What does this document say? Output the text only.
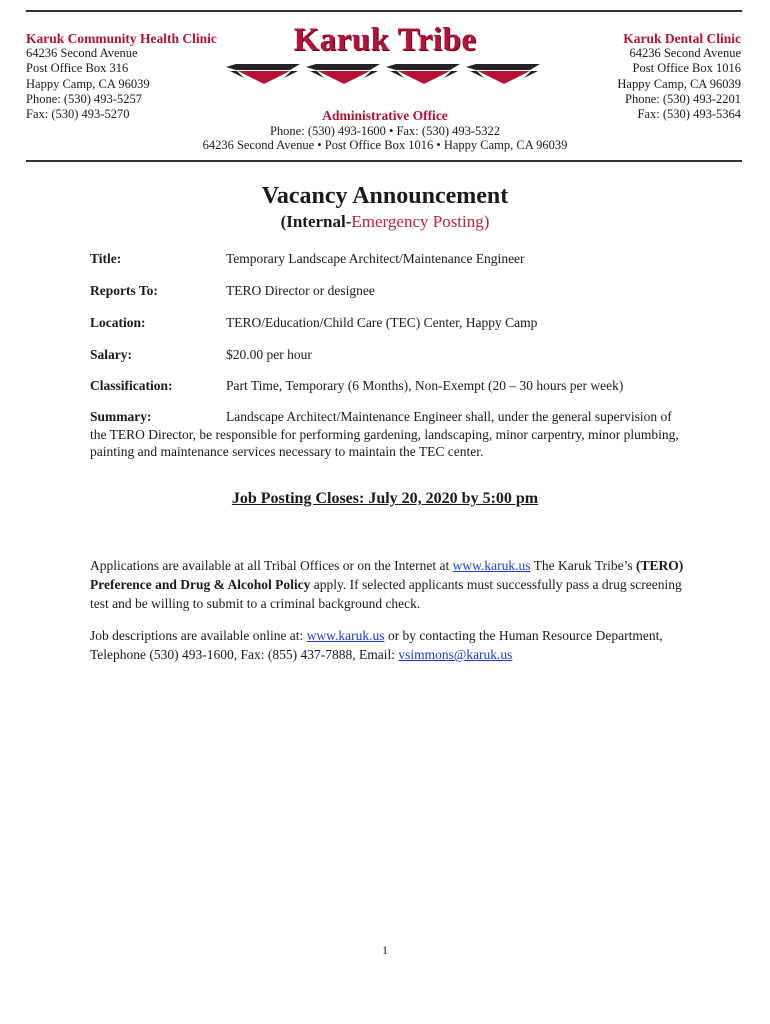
Karuk Community Health Clinic
64236 Second Avenue
Post Office Box 316
Happy Camp, CA 96039
Phone: (530) 493-5257
Fax: (530) 493-5270
Karuk Tribe	Karuk Dental Clinic
64236 Second Avenue
Post Office Box 1016
Happy Camp, CA 96039
Phone: (530) 493-2201
Fax: (530) 493-5364
Administrative Office
Phone: (530) 493-1600 • Fax: (530) 493-5322
64236 Second Avenue • Post Office Box 1016 • Happy Camp, CA 96039
Vacancy Announcement
(Internal-Emergency Posting)
Title:	Temporary Landscape Architect/Maintenance Engineer
Reports To:	TERO Director or designee
Location:	TERO/Education/Child Care (TEC) Center, Happy Camp
Salary:	$20.00 per hour
Classification:	Part Time, Temporary (6 Months), Non-Exempt (20 – 30 hours per week)
Summary:	Landscape Architect/Maintenance Engineer shall, under the general supervision of the TERO Director, be responsible for performing gardening, landscaping, minor carpentry, minor plumbing, painting and maintenance services necessary to maintain the TEC center.
Job Posting Closes: July 20, 2020 by 5:00 pm
Applications are available at all Tribal Offices or on the Internet at www.karuk.us The Karuk Tribe’s (TERO) Preference and Drug & Alcohol Policy apply. If selected applicants must successfully pass a drug screening test and be willing to submit to a criminal background check.
Job descriptions are available online at: www.karuk.us or by contacting the Human Resource Department, Telephone (530) 493-1600, Fax: (855) 437-7888, Email: vsimmons@karuk.us
1
